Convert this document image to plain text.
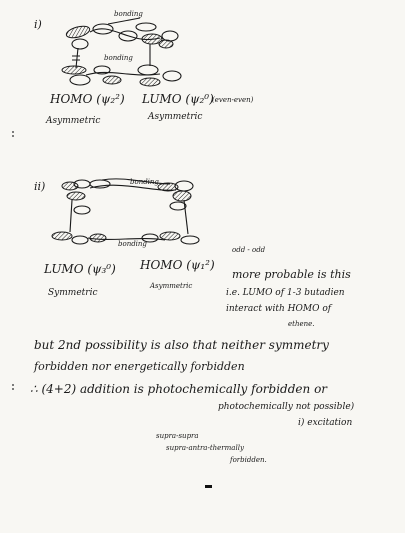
i)
bonding
bonding
HOMO (ψ₂²) LUMO (ψ₂⁰)
(even-even)
Asymmetric	Asymmetric
ii)	bonding
bonding
odd - odd
LUMO (ψ₃⁰) HOMO (ψ₁²)
Symmetric
Asymmetric
more probable is this
i.e. LUMO of 1-3 butadien
interact with HOMO of
ethene.
but 2nd possibility is also that neither symmetry
forbidden nor energetically forbidden
∴ (4+2) addition is photochemically forbidden or
photochemically not possible)
i) excitation
supra-supra
supra-antra-thermally
forbidden.
